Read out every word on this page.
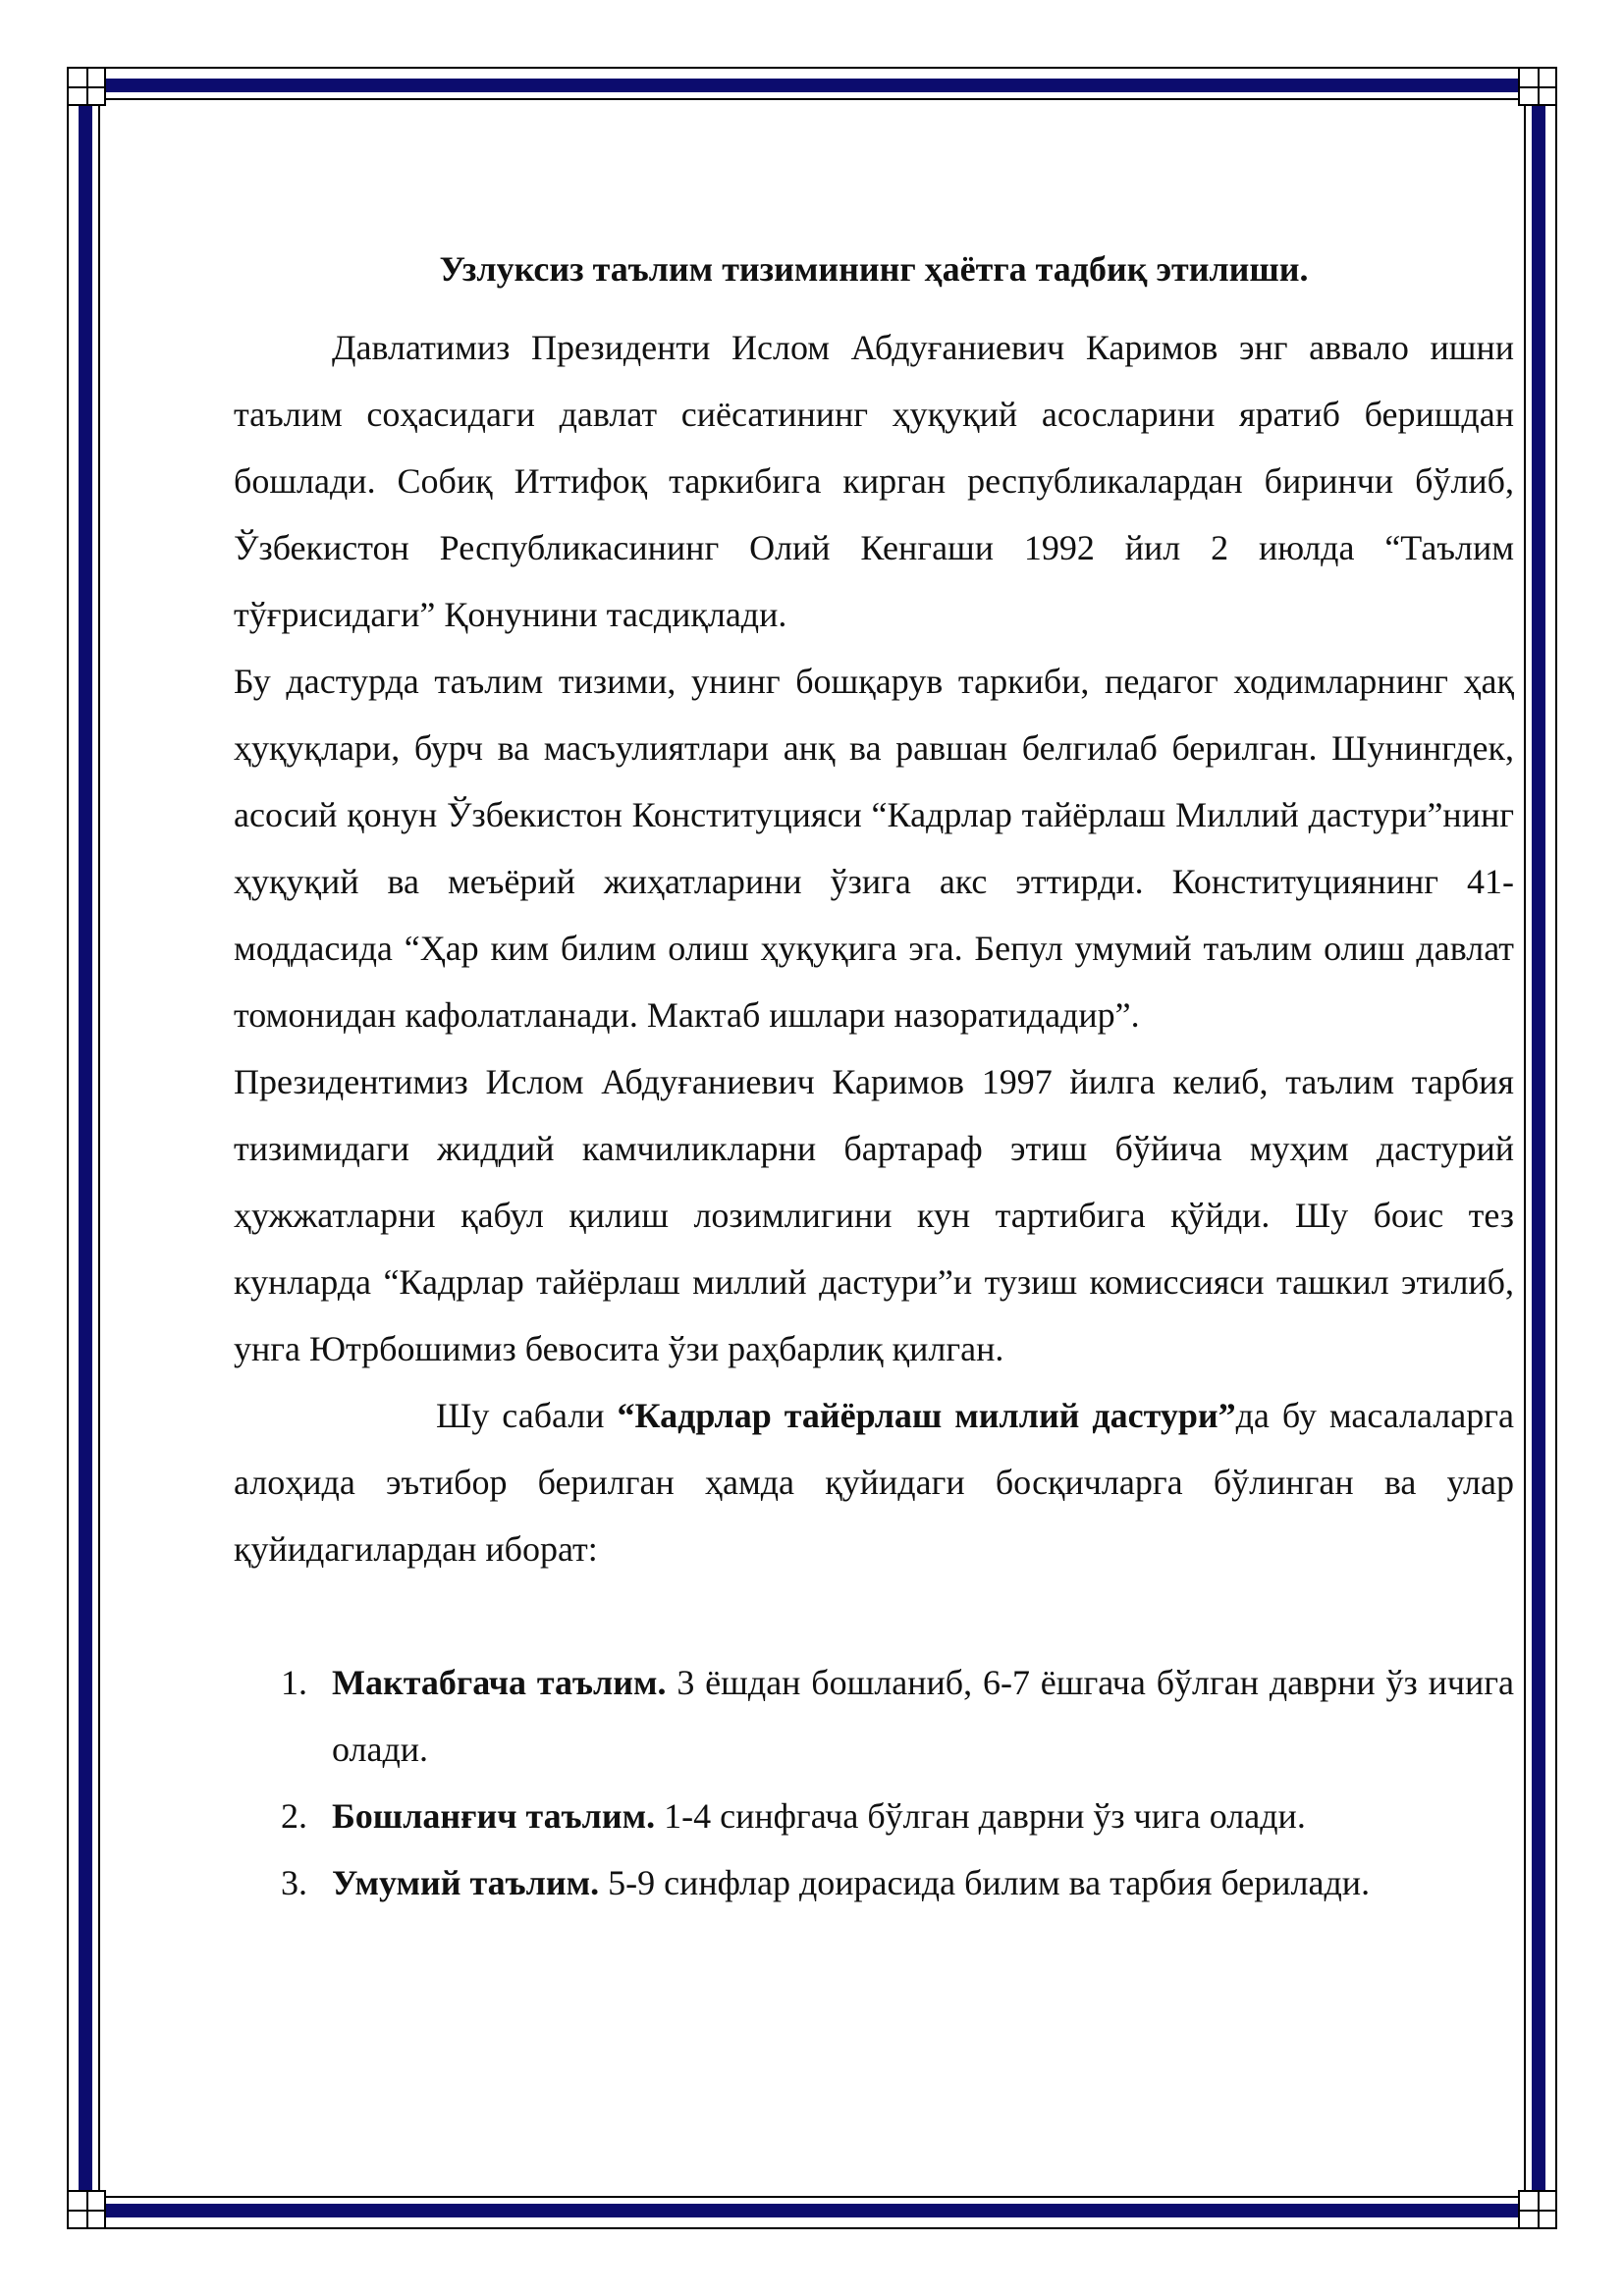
Узлуксиз таълим тизимининг ҳаётга тадбиқ этилиши.

Давлатимиз Президенти Ислом Абдуғаниевич Каримов энг аввало ишни таълим соҳасидаги давлат сиёсатининг ҳуқуқий асосларини яратиб беришдан бошлади. Собиқ Иттифоқ таркибига кирган республикалардан биринчи бўлиб, Ўзбекистон Республикасининг Олий Кенгаши 1992 йил 2 июлда “Таълим тўғрисидаги” Қонунини тасдиқлади.

Бу дастурда таълим тизими, унинг бошқарув таркиби, педагог ходимларнинг ҳақ ҳуқуқлари, бурч ва масъулиятлари анқ ва равшан белгилаб берилган. Шунингдек, асосий қонун Ўзбекистон Конституцияси “Кадрлар тайёрлаш Миллий дастури”нинг ҳуқуқий ва меъёрий жиҳатларини ўзига акс эттирди. Конституциянинг 41-моддасида “Ҳар ким билим олиш ҳуқуқига эга. Бепул умумий таълим олиш давлат томонидан кафолатланади. Мактаб ишлари назоратидадир”.

Президентимиз Ислом Абдуғаниевич Каримов 1997 йилга келиб, таълим тарбия тизимидаги жиддий камчиликларни бартараф этиш бўйича муҳим дастурий ҳужжатларни қабул қилиш лозимлигини кун тартибига қўйди. Шу боис тез кунларда “Кадрлар тайёрлаш миллий дастури”и тузиш комиссияси ташкил этилиб, унга Ютрбошимиз бевосита ўзи раҳбарлиқ қилган.

Шу сабали “Кадрлар тайёрлаш миллий дастури”да бу масалаларга алоҳида эътибор берилган ҳамда қуйидаги босқичларга бўлинган ва улар қуйидагилардан иборат:

1. Мактабгача таълим. 3 ёшдан бошланиб, 6-7 ёшгача бўлган даврни ўз ичига олади.
2. Бошланғич таълим. 1-4 синфгача бўлган даврни ўз чига олади.
3. Умумий таълим. 5-9 синфлар доирасида билим ва тарбия берилади.
